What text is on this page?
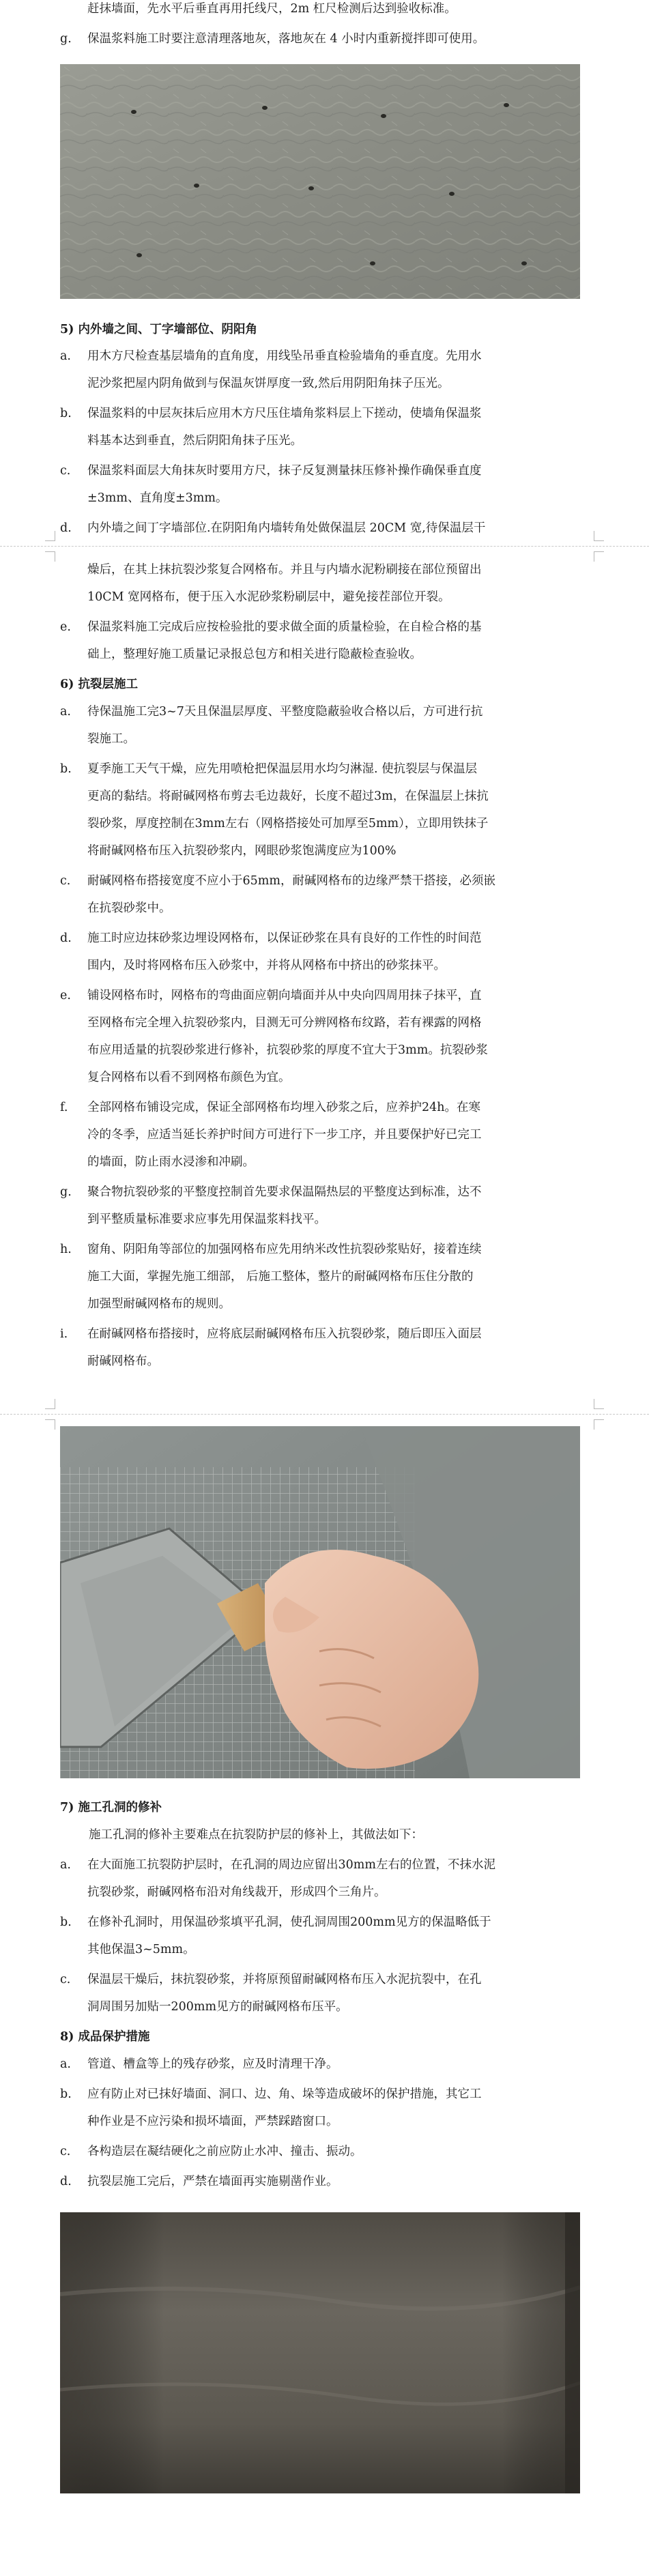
赶抹墙面，先水平后垂直再用托线尺，2m 杠尺检测后达到验收标准。
g. 保温浆料施工时要注意清理落地灰，落地灰在 4 小时内重新搅拌即可使用。
5) 内外墙之间、丁字墙部位、阴阳角
a. 用木方尺检查基层墙角的直角度，用线坠吊垂直检验墙角的垂直度。先用水
泥沙浆把屋内阴角做到与保温灰饼厚度一致,然后用阴阳角抹子压光。
b. 保温浆料的中层灰抹后应用木方尺压住墙角浆料层上下搓动，使墙角保温浆
料基本达到垂直，然后阴阳角抹子压光。
c. 保温浆料面层大角抹灰时要用方尺，抹子反复测量抹压修补操作确保垂直度
±3mm、直角度±3mm。
d. 内外墙之间丁字墙部位.在阴阳角内墙转角处做保温层 20CM 宽,待保温层干
燥后，在其上抹抗裂沙浆复合网格布。并且与内墙水泥粉刷接在部位预留出
10CM 宽网格布，便于压入水泥砂浆粉刷层中，避免接茬部位开裂。
e. 保温浆料施工完成后应按检验批的要求做全面的质量检验，在自检合格的基
础上，整理好施工质量记录报总包方和相关进行隐蔽检查验收。
6) 抗裂层施工
a. 待保温施工完3~7天且保温层厚度、平整度隐蔽验收合格以后，方可进行抗
裂施工。
b. 夏季施工天气干燥，应先用喷枪把保温层用水均匀淋湿. 使抗裂层与保温层
更高的黏结。将耐碱网格布剪去毛边裁好，长度不超过3m，在保温层上抹抗
裂砂浆，厚度控制在3mm左右（网格搭接处可加厚至5mm），立即用铁抹子
将耐碱网格布压入抗裂砂浆内，网眼砂浆饱满度应为100%
c. 耐碱网格布搭接宽度不应小于65mm，耐碱网格布的边缘严禁干搭接，必须嵌
在抗裂砂浆中。
d. 施工时应边抹砂浆边埋设网格布，以保证砂浆在具有良好的工作性的时间范
围内，及时将网格布压入砂浆中，并将从网格布中挤出的砂浆抹平。
e. 铺设网格布时，网格布的弯曲面应朝向墙面并从中央向四周用抹子抹平，直
至网格布完全埋入抗裂砂浆内，目测无可分辨网格布纹路，若有裸露的网格
布应用适量的抗裂砂浆进行修补，抗裂砂浆的厚度不宜大于3mm。抗裂砂浆
复合网格布以看不到网格布颜色为宜。
f. 全部网格布铺设完成，保证全部网格布均埋入砂浆之后，应养护24h。在寒
冷的冬季，应适当延长养护时间方可进行下一步工序，并且要保护好已完工
的墙面，防止雨水浸渗和冲刷。
g. 聚合物抗裂砂浆的平整度控制首先要求保温隔热层的平整度达到标准，达不
到平整质量标准要求应事先用保温浆料找平。
h. 窗角、阴阳角等部位的加强网格布应先用纳米改性抗裂砂浆贴好，接着连续
施工大面，掌握先施工细部， 后施工整体，整片的耐碱网格布压住分散的
加强型耐碱网格布的规则。
i. 在耐碱网格布搭接时，应将底层耐碱网格布压入抗裂砂浆，随后即压入面层
耐碱网格布。
7) 施工孔洞的修补
施工孔洞的修补主要难点在抗裂防护层的修补上，其做法如下：
a. 在大面施工抗裂防护层时，在孔洞的周边应留出30mm左右的位置，不抹水泥
抗裂砂浆，耐碱网格布沿对角线裁开，形成四个三角片。
b. 在修补孔洞时，用保温砂浆填平孔洞，使孔洞周围200mm见方的保温略低于
其他保温3~5mm。
c. 保温层干燥后，抹抗裂砂浆，并将原预留耐碱网格布压入水泥抗裂中，在孔
洞周围另加贴一200mm见方的耐碱网格布压平。
8) 成品保护措施
a. 管道、槽盒等上的残存砂浆，应及时清理干净。
b. 应有防止对已抹好墙面、洞口、边、角、垛等造成破坏的保护措施，其它工
种作业是不应污染和损坏墙面，严禁踩踏窗口。
c. 各构造层在凝结硬化之前应防止水冲、撞击、振动。
d. 抗裂层施工完后，严禁在墙面再实施剔凿作业。
